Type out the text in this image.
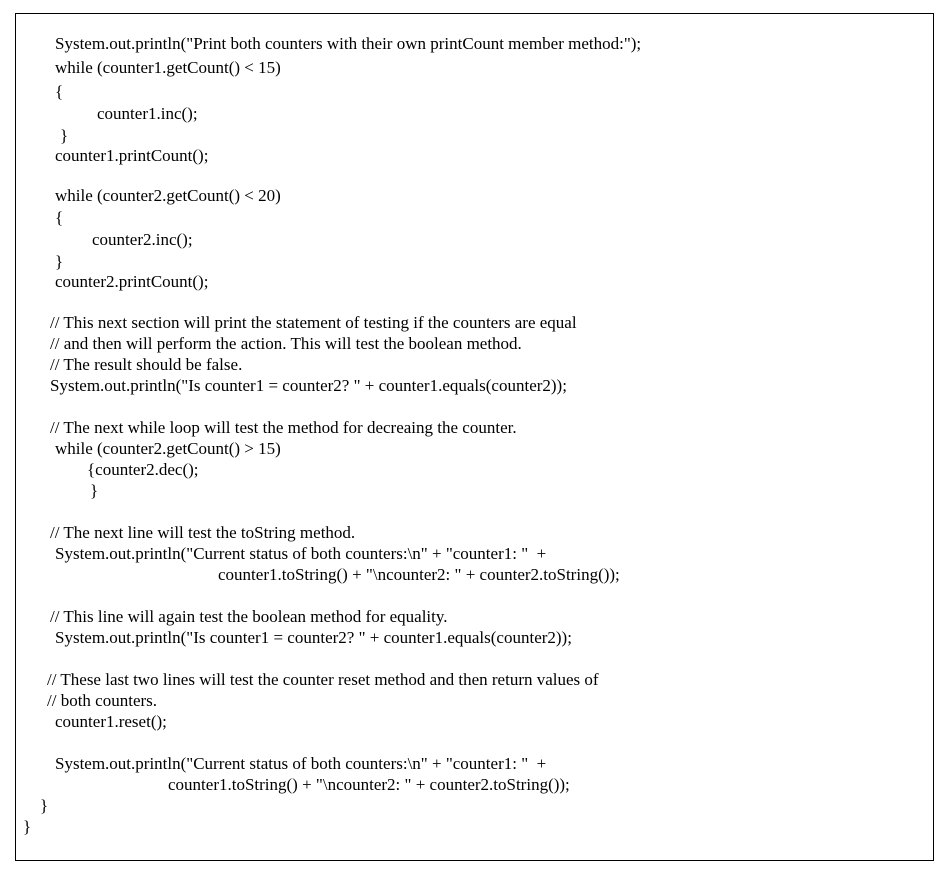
System.out.println("Print both counters with their own printCount member method:");
while (counter1.getCount() < 15)
{
counter1.inc();
}
counter1.printCount();
while (counter2.getCount() < 20)
{
counter2.inc();
}
counter2.printCount();
// This next section will print the statement of testing if the counters are equal
// and then will perform the action. This will test the boolean method.
// The result should be false.
System.out.println("Is counter1 = counter2? " + counter1.equals(counter2));
// The next while loop will test the method for decreaing the counter.
while (counter2.getCount() > 15)
{counter2.dec();
}
// The next line will test the toString method.
System.out.println("Current status of both counters:\n" + "counter1: "  +
counter1.toString() + "\ncounter2: " + counter2.toString());
// This line will again test the boolean method for equality.
System.out.println("Is counter1 = counter2? " + counter1.equals(counter2));
// These last two lines will test the counter reset method and then return values of
// both counters.
counter1.reset();
System.out.println("Current status of both counters:\n" + "counter1: "  +
counter1.toString() + "\ncounter2: " + counter2.toString());
}
}
